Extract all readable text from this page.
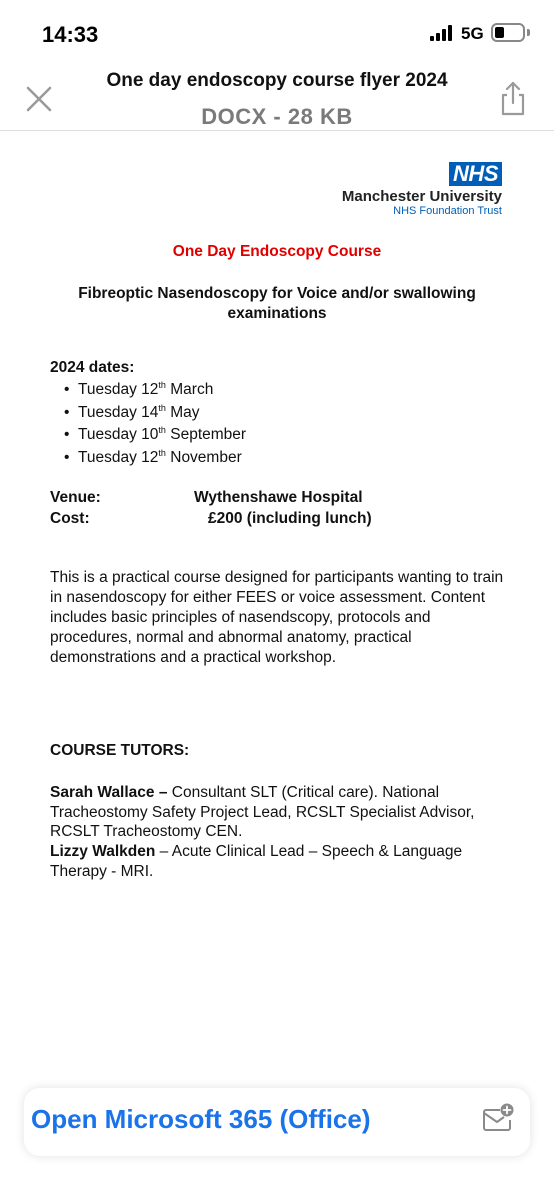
14:33	5G
One day endoscopy course flyer 2024
DOCX - 28 KB
NHS
Manchester University
NHS Foundation Trust
One Day Endoscopy Course
Fibreoptic Nasendoscopy for Voice and/or swallowing examinations
2024 dates:
• Tuesday 12th March
• Tuesday 14th May
• Tuesday 10th September
• Tuesday 12th November
Venue:	Wythenshawe Hospital
Cost:	£200 (including lunch)
This is a practical course designed for participants wanting to train in nasendoscopy for either FEES or voice assessment. Content includes basic principles of nasendscopy, protocols and procedures, normal and abnormal anatomy, practical demonstrations and a practical workshop.
COURSE TUTORS:
Sarah Wallace – Consultant SLT (Critical care). National Tracheostomy Safety Project Lead, RCSLT Specialist Advisor, RCSLT Tracheostomy CEN.
Lizzy Walkden – Acute Clinical Lead – Speech & Language Therapy - MRI.
Open Microsoft 365 (Office)
